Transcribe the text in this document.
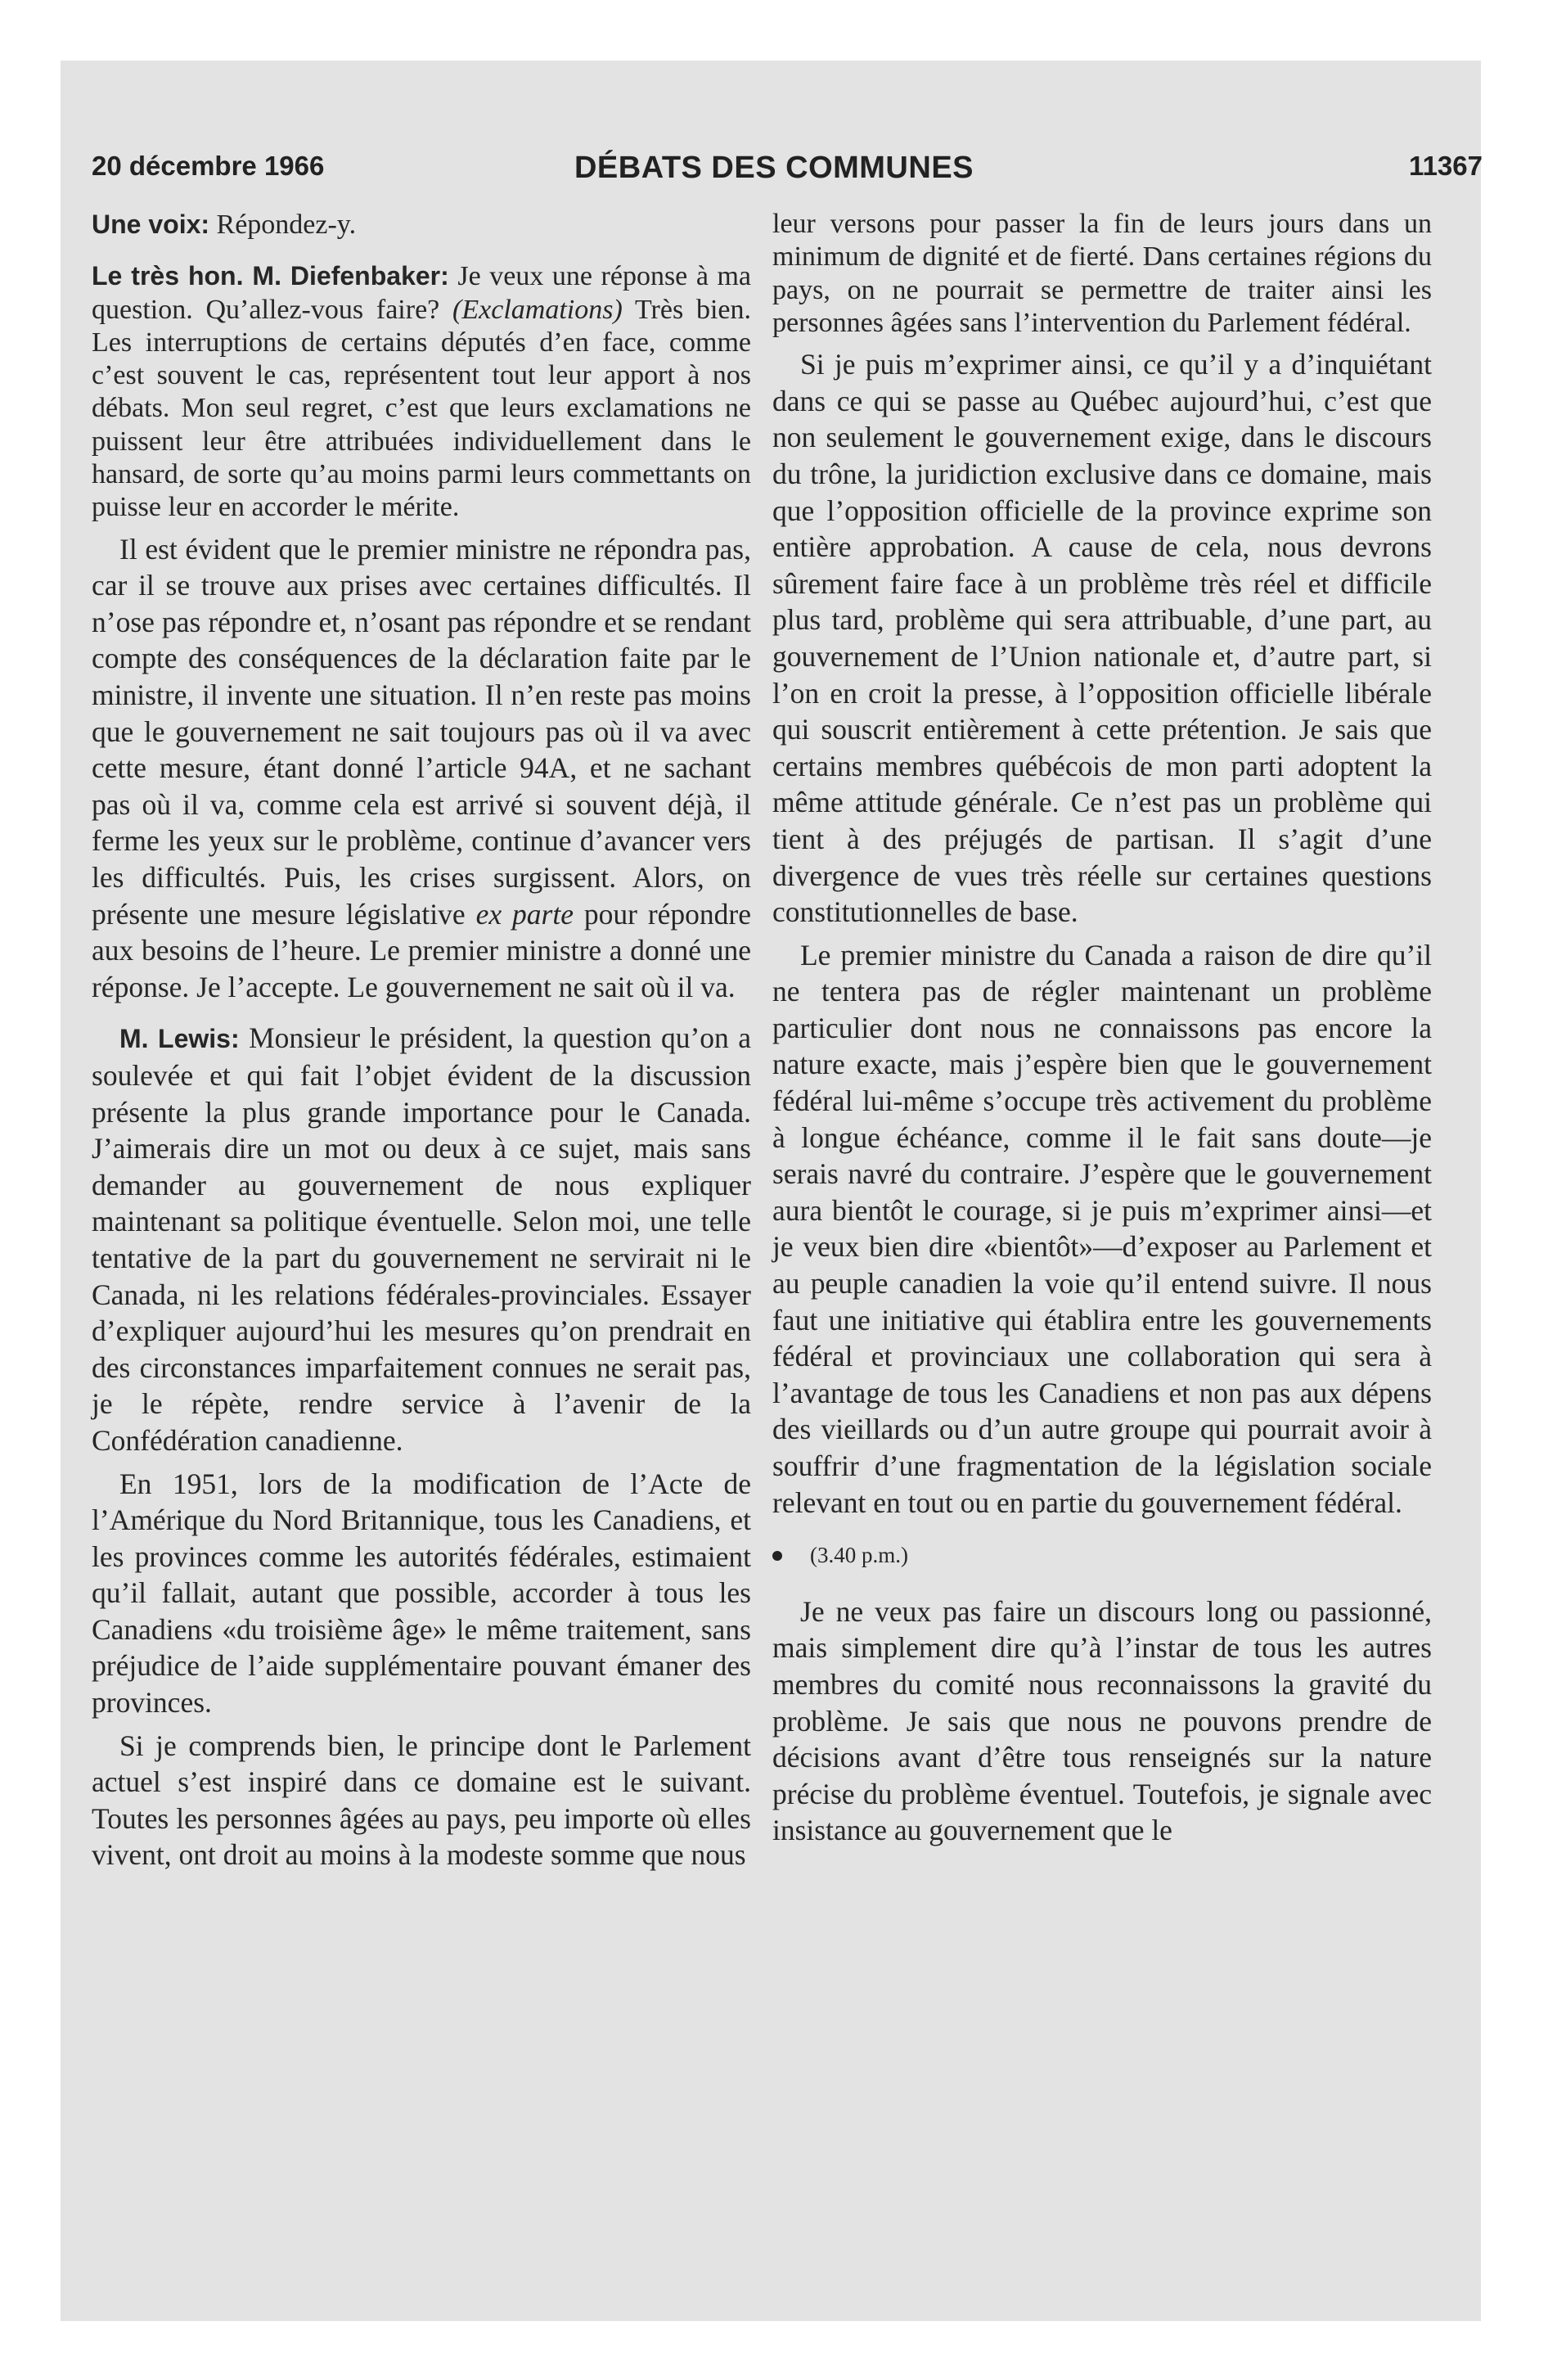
20 décembre 1966	DÉBATS DES COMMUNES	11367

Une voix: Répondez-y.

Le très hon. M. Diefenbaker: Je veux une réponse à ma question. Qu’allez-vous faire? (Exclamations) Très bien. Les interruptions de certains députés d’en face, comme c’est souvent le cas, représentent tout leur apport à nos débats. Mon seul regret, c’est que leurs exclamations ne puissent leur être attribuées individuellement dans le hansard, de sorte qu’au moins parmi leurs commettants on puisse leur en accorder le mérite.

Il est évident que le premier ministre ne répondra pas, car il se trouve aux prises avec certaines difficultés. Il n’ose pas répondre et, n’osant pas répondre et se rendant compte des conséquences de la déclaration faite par le ministre, il invente une situation. Il n’en reste pas moins que le gouvernement ne sait toujours pas où il va avec cette mesure, étant donné l’article 94A, et ne sachant pas où il va, comme cela est arrivé si souvent déjà, il ferme les yeux sur le problème, continue d’avancer vers les difficultés. Puis, les crises surgissent. Alors, on présente une mesure législative ex parte pour répondre aux besoins de l’heure. Le premier ministre a donné une réponse. Je l’accepte. Le gouvernement ne sait où il va.

M. Lewis: Monsieur le président, la question qu’on a soulevée et qui fait l’objet évident de la discussion présente la plus grande importance pour le Canada. J’aimerais dire un mot ou deux à ce sujet, mais sans demander au gouvernement de nous expliquer maintenant sa politique éventuelle. Selon moi, une telle tentative de la part du gouvernement ne servirait ni le Canada, ni les relations fédérales-provinciales. Essayer d’expliquer aujourd’hui les mesures qu’on prendrait en des circonstances imparfaitement connues ne serait pas, je le répète, rendre service à l’avenir de la Confédération canadienne.

En 1951, lors de la modification de l’Acte de l’Amérique du Nord Britannique, tous les Canadiens, et les provinces comme les autorités fédérales, estimaient qu’il fallait, autant que possible, accorder à tous les Canadiens «du troisième âge» le même traitement, sans préjudice de l’aide supplémentaire pouvant émaner des provinces.

Si je comprends bien, le principe dont le Parlement actuel s’est inspiré dans ce domaine est le suivant. Toutes les personnes âgées au pays, peu importe où elles vivent, ont droit au moins à la modeste somme que nous

leur versons pour passer la fin de leurs jours dans un minimum de dignité et de fierté. Dans certaines régions du pays, on ne pourrait se permettre de traiter ainsi les personnes âgées sans l’intervention du Parlement fédéral.

Si je puis m’exprimer ainsi, ce qu’il y a d’inquiétant dans ce qui se passe au Québec aujourd’hui, c’est que non seulement le gouvernement exige, dans le discours du trône, la juridiction exclusive dans ce domaine, mais que l’opposition officielle de la province exprime son entière approbation. A cause de cela, nous devrons sûrement faire face à un problème très réel et difficile plus tard, problème qui sera attribuable, d’une part, au gouvernement de l’Union nationale et, d’autre part, si l’on en croit la presse, à l’opposition officielle libérale qui souscrit entièrement à cette prétention. Je sais que certains membres québécois de mon parti adoptent la même attitude générale. Ce n’est pas un problème qui tient à des préjugés de partisan. Il s’agit d’une divergence de vues très réelle sur certaines questions constitutionnelles de base.

Le premier ministre du Canada a raison de dire qu’il ne tentera pas de régler maintenant un problème particulier dont nous ne connaissons pas encore la nature exacte, mais j’espère bien que le gouvernement fédéral lui-même s’occupe très activement du problème à longue échéance, comme il le fait sans doute—je serais navré du contraire. J’espère que le gouvernement aura bientôt le courage, si je puis m’exprimer ainsi—et je veux bien dire «bientôt»—d’exposer au Parlement et au peuple canadien la voie qu’il entend suivre. Il nous faut une initiative qui établira entre les gouvernements fédéral et provinciaux une collaboration qui sera à l’avantage de tous les Canadiens et non pas aux dépens des vieillards ou d’un autre groupe qui pourrait avoir à souffrir d’une fragmentation de la législation sociale relevant en tout ou en partie du gouvernement fédéral.

(3.40 p.m.)

Je ne veux pas faire un discours long ou passionné, mais simplement dire qu’à l’instar de tous les autres membres du comité nous reconnaissons la gravité du problème. Je sais que nous ne pouvons prendre de décisions avant d’être tous renseignés sur la nature précise du problème éventuel. Toutefois, je signale avec insistance au gouvernement que le
